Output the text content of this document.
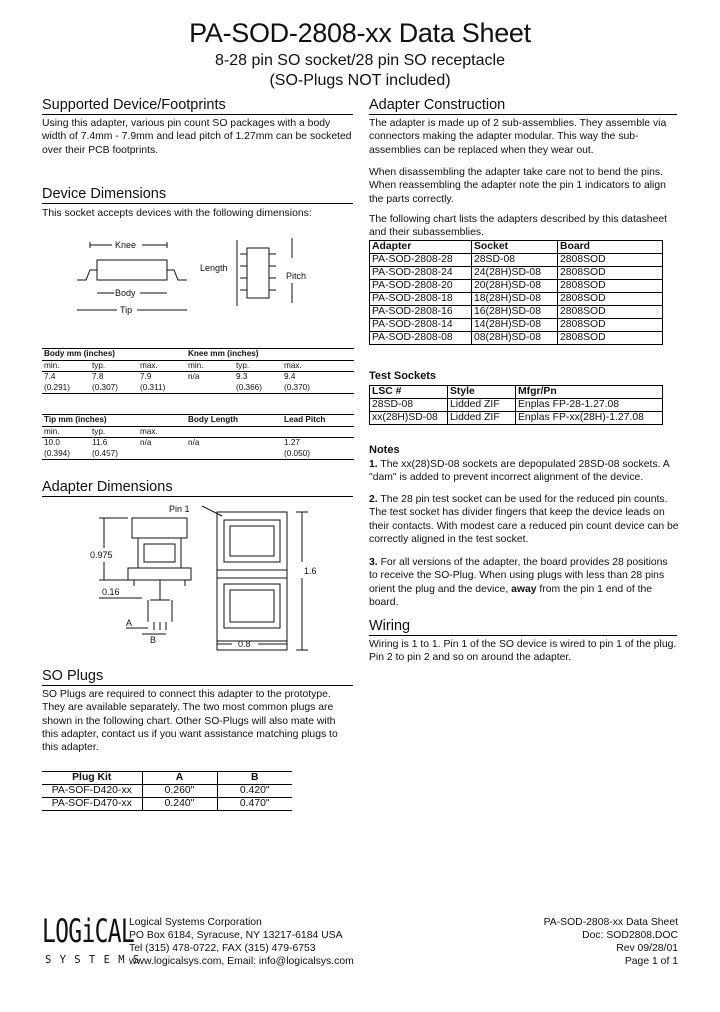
PA-SOD-2808-xx Data Sheet
8-28 pin SO socket/28 pin SO receptacle
(SO-Plugs NOT included)
Supported Device/Footprints
Using this adapter, various pin count SO packages with a body width of 7.4mm - 7.9mm and lead pitch of 1.27mm can be socketed over their PCB footprints.
Device Dimensions
This socket accepts devices with the following dimensions:
Knee
Body
Tip
Length
Pitch
Body mm (inches)			Knee mm (inches)		
min.	typ.	max.	min.	typ.	max.
7.4	7.8	7.9	n/a	9.3	9.4
(0.291)	(0.307)	(0.311)		(0.366)	(0.370)
Tip mm (inches)			Body Length	Lead Pitch
min.	typ.	max.		
10.0	11.6	n/a	n/a	1.27
(0.394)	(0.457)			(0.050)
Adapter Dimensions
Pin 1
0.975
0.16
A
B	0.8
1.6
SO Plugs
SO Plugs are required to connect this adapter to the prototype. They are available separately. The two most common plugs are shown in the following chart. Other SO-Plugs will also mate with this adapter, contact us if you want assistance matching plugs to this adapter.
Plug Kit	A	B
PA-SOF-D420-xx	0.260"	0.420"
PA-SOF-D470-xx	0.240"	0.470"
Adapter Construction
The adapter is made up of 2 sub-assemblies. They assemble via connectors making the adapter modular. This way the sub-assemblies can be replaced when they wear out.
When disassembling the adapter take care not to bend the pins. When reassembling the adapter note the pin 1 indicators to align the parts correctly.
The following chart lists the adapters described by this datasheet and their subassemblies.
Adapter	Socket	Board
PA-SOD-2808-28	28SD-08	2808SOD
PA-SOD-2808-24	24(28H)SD-08	2808SOD
PA-SOD-2808-20	20(28H)SD-08	2808SOD
PA-SOD-2808-18	18(28H)SD-08	2808SOD
PA-SOD-2808-16	16(28H)SD-08	2808SOD
PA-SOD-2808-14	14(28H)SD-08	2808SOD
PA-SOD-2808-08	08(28H)SD-08	2808SOD
Test Sockets
LSC #	Style	Mfgr/Pn
28SD-08	Lidded ZIF	Enplas FP-28-1.27.08
xx(28H)SD-08	Lidded ZIF	Enplas FP-xx(28H)-1.27.08
Notes
1. The xx(28)SD-08 sockets are depopulated 28SD-08 sockets. A "dam" is added to prevent incorrect alignment of the device.
2. The 28 pin test socket can be used for the reduced pin counts. The test socket has divider fingers that keep the device leads on their contacts. With modest care a reduced pin count device can be correctly aligned in the test socket.
3. For all versions of the adapter, the board provides 28 positions to receive the SO-Plug. When using plugs with less than 28 pins orient the plug and the device, away from the pin 1 end of the board.
Wiring
Wiring is 1 to 1. Pin 1 of the SO device is wired to pin 1 of the plug. Pin 2 to pin 2 and so on around the adapter.
LOGiCAL
S Y S T E M S
Logical Systems Corporation
PO Box 6184, Syracuse, NY 13217-6184 USA
Tel (315) 478-0722, FAX (315) 479-6753
www.logicalsys.com, Email: info@logicalsys.com
PA-SOD-2808-xx Data Sheet
Doc: SOD2808.DOC
Rev 09/28/01
Page 1 of 1
